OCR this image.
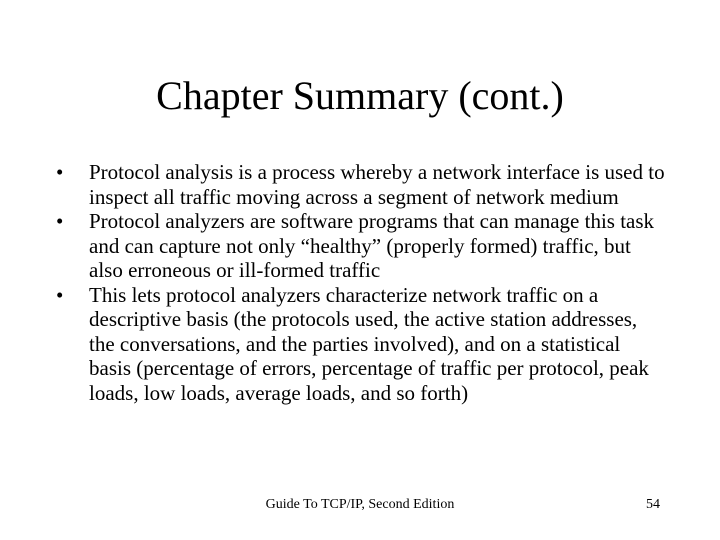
Chapter Summary (cont.)
•	Protocol analysis is a process whereby a network interface is used to inspect all traffic moving across a segment of network medium
•	Protocol analyzers are software programs that can manage this task and can capture not only “healthy” (properly formed) traffic, but also erroneous or ill-formed traffic
•	This lets protocol analyzers characterize network traffic on a descriptive basis (the protocols used, the active station addresses, the conversations, and the parties involved), and on a statistical basis (percentage of errors, percentage of traffic per protocol, peak loads, low loads, average loads, and so forth)
Guide To TCP/IP, Second Edition	54
